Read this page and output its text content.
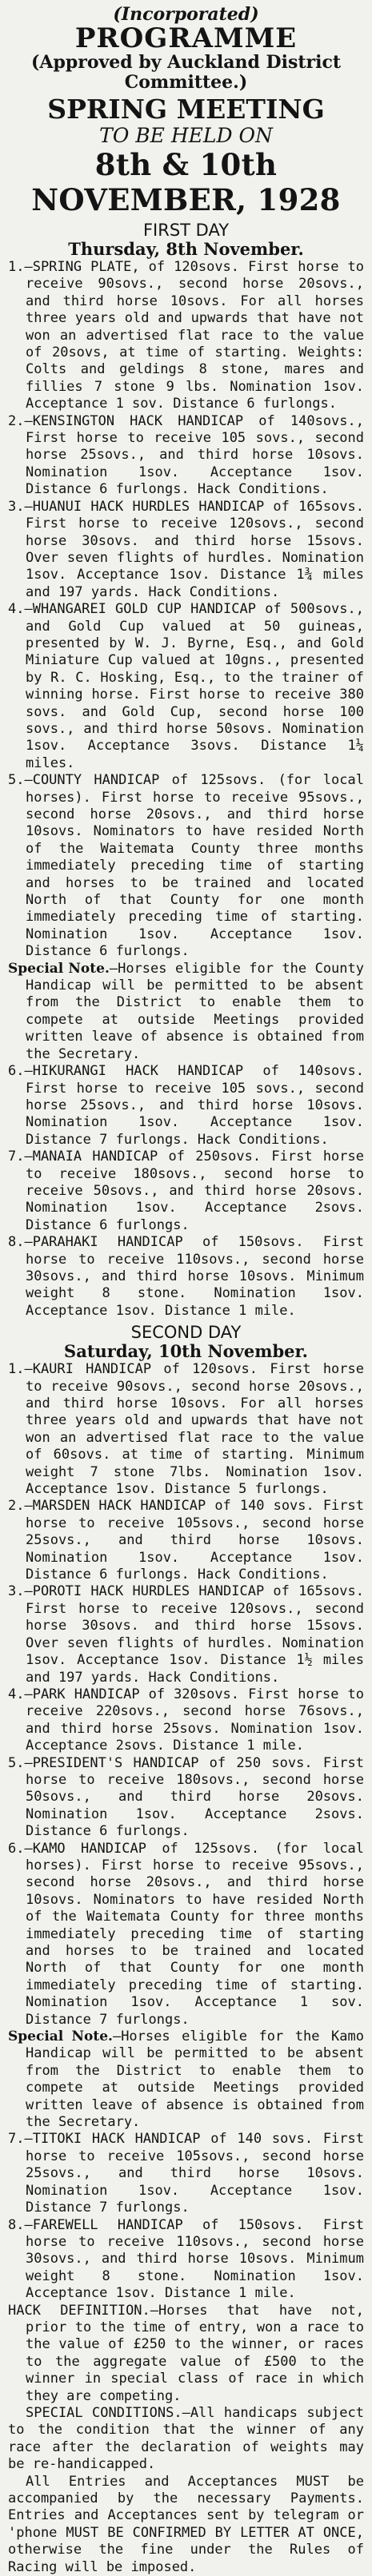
(Incorporated)
PROGRAMME
(Approved by Auckland District Committee.)
SPRING MEETING
TO BE HELD ON
8th & 10th NOVEMBER, 1928
FIRST DAY
Thursday, 8th November.

1.—SPRING PLATE, of 120sovs. First horse to receive 90sovs., second horse 20sovs., and third horse 10sovs. For all horses three years old and upwards that have not won an advertised flat race to the value of 20sovs, at time of starting. Weights: Colts and geldings 8 stone, mares and fillies 7 stone 9 lbs. Nomination 1sov. Acceptance 1 sov. Distance 6 furlongs.

2.—KENSINGTON HACK HANDICAP of 140sovs., First horse to receive 105 sovs., second horse 25sovs., and third horse 10sovs. Nomination 1sov. Acceptance 1sov. Distance 6 furlongs. Hack Conditions.

3.—HUANUI HACK HURDLES HANDICAP of 165sovs. First horse to receive 120sovs., second horse 30sovs. and third horse 15sovs. Over seven flights of hurdles. Nomination 1sov. Acceptance 1sov. Distance 1¾ miles and 197 yards. Hack Conditions.

4.—WHANGAREI GOLD CUP HANDICAP of 500sovs., and Gold Cup valued at 50 guineas, presented by W. J. Byrne, Esq., and Gold Miniature Cup valued at 10gns., presented by R. C. Hosking, Esq., to the trainer of winning horse. First horse to receive 380 sovs. and Gold Cup, second horse 100 sovs., and third horse 50sovs. Nomination 1sov. Acceptance 3sovs. Distance 1¼ miles.

5.—COUNTY HANDICAP of 125sovs. (for local horses). First horse to receive 95sovs., second horse 20sovs., and third horse 10sovs. Nominators to have resided North of the Waitemata County three months immediately preceding time of starting and horses to be trained and located North of that County for one month immediately preceding time of starting. Nomination 1sov. Acceptance 1sov. Distance 6 furlongs.

Special Note.—Horses eligible for the County Handicap will be permitted to be absent from the District to enable them to compete at outside Meetings provided written leave of absence is obtained from the Secretary.

6.—HIKURANGI HACK HANDICAP of 140sovs. First horse to receive 105 sovs., second horse 25sovs., and third horse 10sovs. Nomination 1sov. Acceptance 1sov. Distance 7 furlongs. Hack Conditions.

7.—MANAIA HANDICAP of 250sovs. First horse to receive 180sovs., second horse to receive 50sovs., and third horse 20sovs. Nomination 1sov. Acceptance 2sovs. Distance 6 furlongs.

8.—PARAHAKI HANDICAP of 150sovs. First horse to receive 110sovs., second horse 30sovs., and third horse 10sovs. Minimum weight 8 stone. Nomination 1sov. Acceptance 1sov. Distance 1 mile.

SECOND DAY
Saturday, 10th November.

1.—KAURI HANDICAP of 120sovs. First horse to receive 90sovs., second horse 20sovs., and third horse 10sovs. For all horses three years old and upwards that have not won an advertised flat race to the value of 60sovs. at time of starting. Minimum weight 7 stone 7lbs. Nomination 1sov. Acceptance 1sov. Distance 5 furlongs.

2.—MARSDEN HACK HANDICAP of 140 sovs. First horse to receive 105sovs., second horse 25sovs., and third horse 10sovs. Nomination 1sov. Acceptance 1sov. Distance 6 furlongs. Hack Conditions.

3.—POROTI HACK HURDLES HANDICAP of 165sovs. First horse to receive 120sovs., second horse 30sovs. and third horse 15sovs. Over seven flights of hurdles. Nomination 1sov. Acceptance 1sov. Distance 1½ miles and 197 yards. Hack Conditions.

4.—PARK HANDICAP of 320sovs. First horse to receive 220sovs., second horse 76sovs., and third horse 25sovs. Nomination 1sov. Acceptance 2sovs. Distance 1 mile.

5.—PRESIDENT'S HANDICAP of 250 sovs. First horse to receive 180sovs., second horse 50sovs., and third horse 20sovs. Nomination 1sov. Acceptance 2sovs. Distance 6 furlongs.

6.—KAMO HANDICAP of 125sovs. (for local horses). First horse to receive 95sovs., second horse 20sovs., and third horse 10sovs. Nominators to have resided North of the Waitemata County for three months immediately preceding time of starting and horses to be trained and located North of that County for one month immediately preceding time of starting. Nomination 1sov. Acceptance 1 sov. Distance 7 furlongs.

Special Note.—Horses eligible for the Kamo Handicap will be permitted to be absent from the District to enable them to compete at outside Meetings provided written leave of absence is obtained from the Secretary.

7.—TITOKI HACK HANDICAP of 140 sovs. First horse to receive 105sovs., second horse 25sovs., and third horse 10sovs. Nomination 1sov. Acceptance 1sov. Distance 7 furlongs.

8.—FAREWELL HANDICAP of 150sovs. First horse to receive 110sovs., second horse 30sovs., and third horse 10sovs. Minimum weight 8 stone. Nomination 1sov. Acceptance 1sov. Distance 1 mile.

HACK DEFINITION.—Horses that have not, prior to the time of entry, won a race to the value of £250 to the winner, or races to the aggregate value of £500 to the winner in special class of race in which they are competing.

SPECIAL CONDITIONS.—All handicaps subject to the condition that the winner of any race after the declaration of weights may be re-handicapped.

All Entries and Acceptances MUST be accompanied by the necessary Payments. Entries and Acceptances sent by telegram or 'phone MUST BE CONFIRMED BY LETTER AT ONCE, otherwise the fine under the Rules of Racing will be imposed.
